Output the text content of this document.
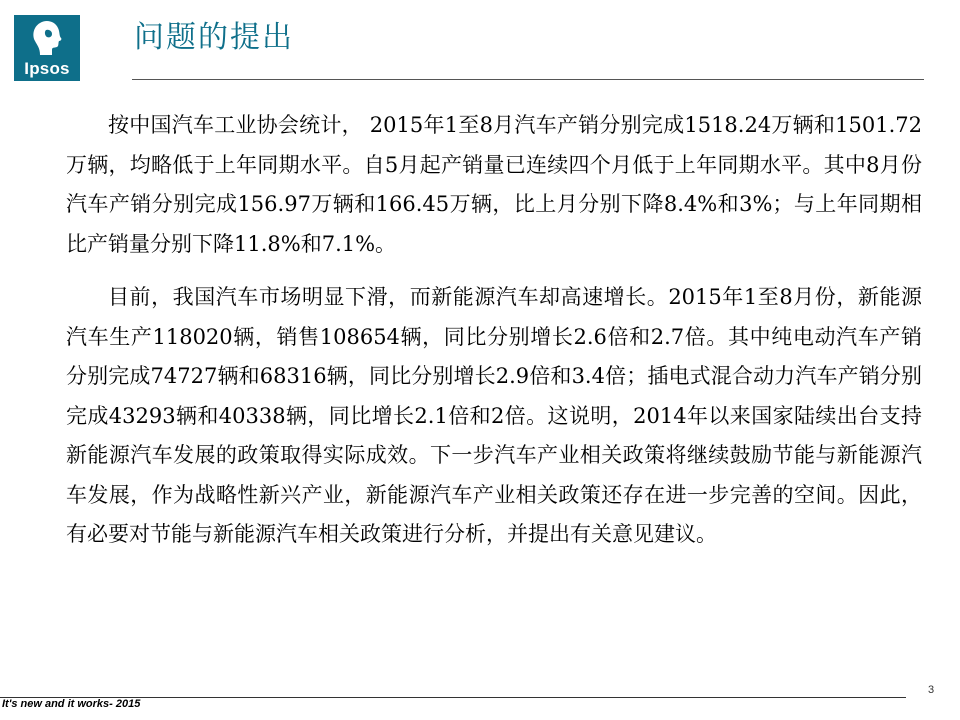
Ipsos
问题的提出

按中国汽车工业协会统计， 2015年1至8月汽车产销分别完成1518.24万辆和1501.72万辆，均略低于上年同期水平。自5月起产销量已连续四个月低于上年同期水平。其中8月份汽车产销分别完成156.97万辆和166.45万辆，比上月分别下降8.4%和3%；与上年同期相比产销量分别下降11.8%和7.1%。

目前，我国汽车市场明显下滑，而新能源汽车却高速增长。2015年1至8月份，新能源汽车生产118020辆，销售108654辆，同比分别增长2.6倍和2.7倍。其中纯电动汽车产销分别完成74727辆和68316辆，同比分别增长2.9倍和3.4倍；插电式混合动力汽车产销分别完成43293辆和40338辆，同比增长2.1倍和2倍。这说明，2014年以来国家陆续出台支持新能源汽车发展的政策取得实际成效。下一步汽车产业相关政策将继续鼓励节能与新能源汽车发展，作为战略性新兴产业，新能源汽车产业相关政策还存在进一步完善的空间。因此，有必要对节能与新能源汽车相关政策进行分析，并提出有关意见建议。

3
It's new and it works- 2015
